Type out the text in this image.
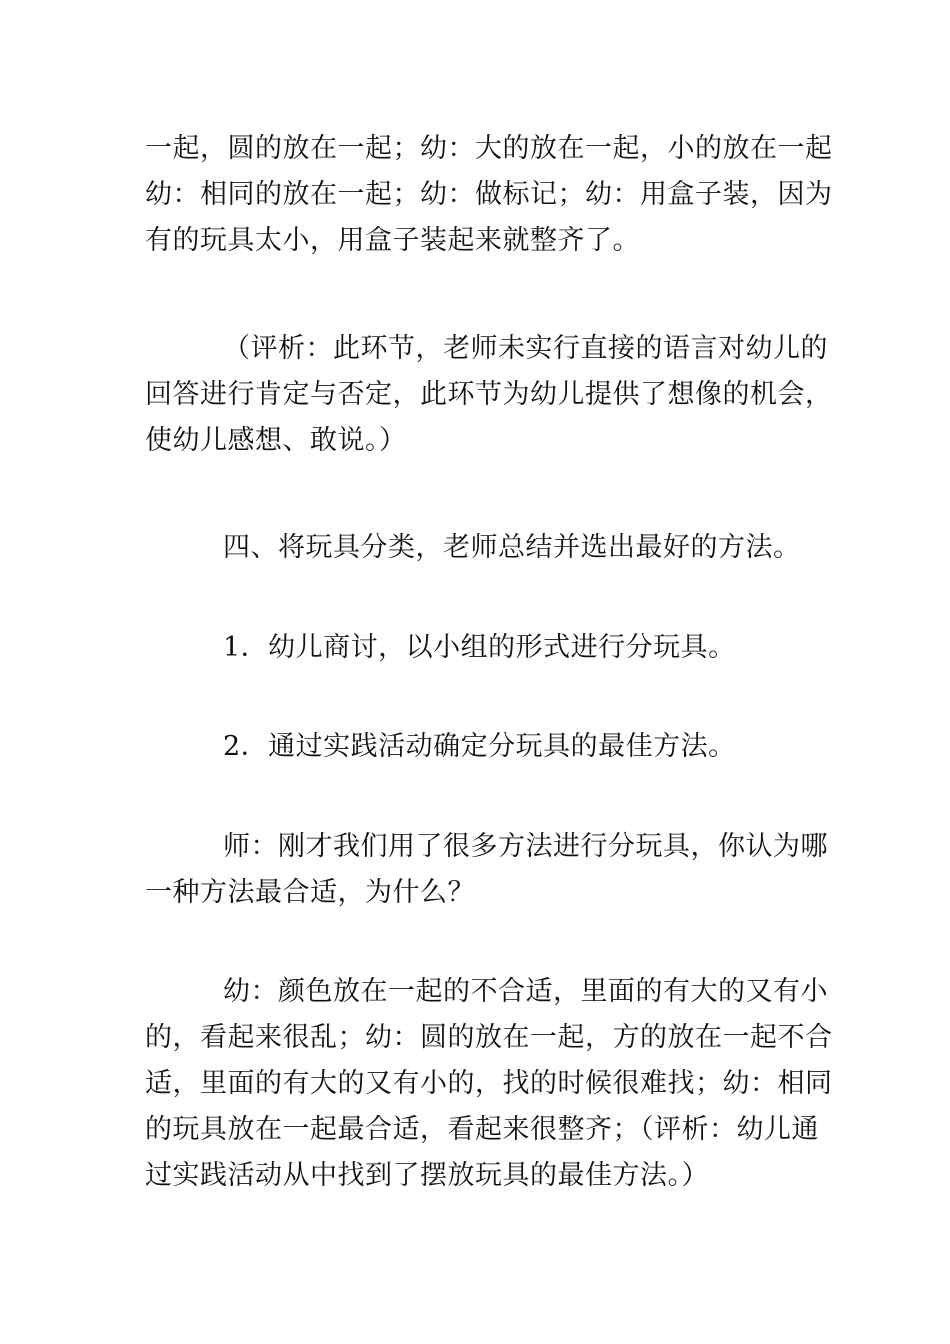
一起，圆的放在一起；幼：大的放在一起，小的放在一起
幼：相同的放在一起；幼：做标记；幼：用盒子装，因为
有的玩具太小，用盒子装起来就整齐了。
（评析：此环节，老师未实行直接的语言对幼儿的
回答进行肯定与否定，此环节为幼儿提供了想像的机会，
使幼儿感想、敢说。）
四、将玩具分类，老师总结并选出最好的方法。
1．幼儿商讨，以小组的形式进行分玩具。
2．通过实践活动确定分玩具的最佳方法。
师：刚才我们用了很多方法进行分玩具，你认为哪
一种方法最合适，为什么？
幼：颜色放在一起的不合适，里面的有大的又有小
的，看起来很乱；幼：圆的放在一起，方的放在一起不合
适，里面的有大的又有小的，找的时候很难找；幼：相同
的玩具放在一起最合适，看起来很整齐；（评析：幼儿通
过实践活动从中找到了摆放玩具的最佳方法。）
